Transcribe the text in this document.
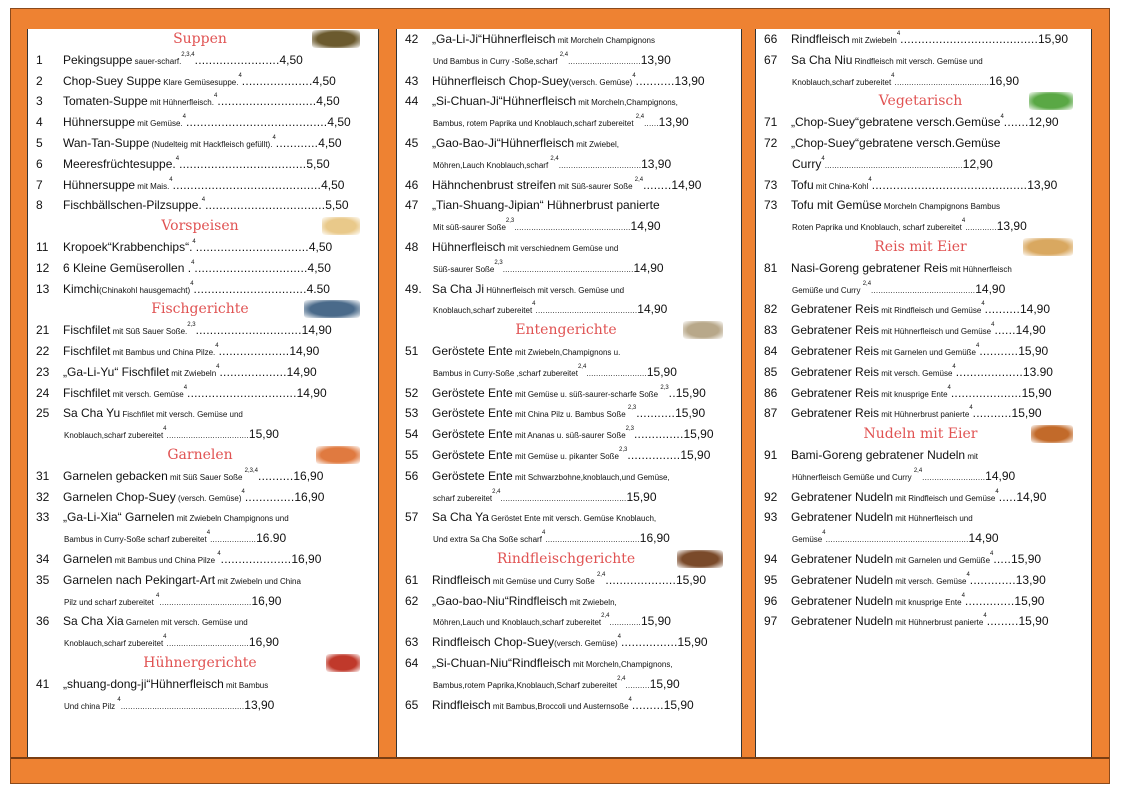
Suppen
1 Pekingsuppe sauer-scharf.$^{2,3,4}$........................4,50
2 Chop-Suey Suppe Klare Gemüsesuppe.$^4$....................4,50
3 Tomaten-Suppe mit Hühnerfleisch.$^4$............................4,50
4 Hühnersuppe mit Gemüse.$^4$........................................4,50
5 Wan-Tan-Suppe (Nudelteig mit Hackfleisch gefüllt).$^4$............4,50
6 Meeresfrüchtesuppe.$^4$....................................5,50
7 Hühnersuppe mit Mais.$^4$..........................................4,50
8 Fischbällschen-Pilzsuppe.$^4$..................................5,50
Vorspeisen
11 Kropoek“Krabbenchips“.$^4$................................4,50
12 6 Kleine Gemüserollen .$^4$................................4,50
13 Kimchi(Chinakohl hausgemacht)$^4$................................4.50
Fischgerichte
21 Fischfilet mit Süß Sauer Soße.$^{2,3}$..............................14,90
22 Fischfilet mit Bambus und China Pilze.$^4$....................14,90
23 „Ga-Li-Yu“ Fischfilet mit Zwiebeln$^4$...................14,90
24 Fischfilet mit versch. Gemüse$^4$...............................14,90
25 Sa Cha Yu Fischfilet mit versch. Gemüse und
Knoblauch,scharf zubereitet$^4$..................................15,90
Garnelen
31 Garnelen gebacken mit Süß Sauer Soße $^{2,3,4}$..........16,90
32 Garnelen Chop-Suey (versch. Gemüse)$^4$..............16,90
33 „Ga-Li-Xia“ Garnelen mit Zwiebeln Champignons und
Bambus in Curry-Soße scharf zubereitet$^4$...................16.90
34 Garnelen mit Bambus und China Pilze $^4$....................16,90
35 Garnelen nach Pekingart-Art mit Zwiebeln und China
Pilz und scharf zubereitet $^4$......................................16,90
36 Sa Cha Xia Garnelen mit versch. Gemüse und
Knoblauch,scharf zubereitet$^4$..................................16,90
Hühnergerichte
41 „shuang-dong-ji“Hühnerfleisch mit Bambus
Und china Pilz $^4$...................................................13,90
42 „Ga-Li-Ji“Hühnerfleisch mit Morcheln Champignons
Und Bambus in Curry -Soße,scharf $^{2,4}$..............................13,90
43 Hühnerfleisch Chop-Suey(versch. Gemüse)$^4$...........13,90
44 „Si-Chuan-Ji“Hühnerfleisch mit Morcheln,Champignons,
Bambus, rotem Paprika und Knoblauch,scharf zubereitet $^{2,4}$......13,90
45 „Gao-Bao-Ji“Hühnerfleisch mit Zwiebel,
Möhren,Lauch Knoblauch,scharf $^{2,4}$..................................13,90
46 Hähnchenbrust streifen mit Süß-saurer Soße $^{2,4}$........14,90
47 „Tian-Shuang-Jipian“ Hühnerbrust panierte
Mit süß-saurer Soße$^{2,3}$................................................14,90
48 Hühnerfleisch mit verschiednem Gemüse und
Süß-saurer Soße$^{2,3}$......................................................14,90
49. Sa Cha Ji Hühnerfleisch mit versch. Gemüse und
Knoblauch,scharf zubereitet$^4$..........................................14,90
Entengerichte
51 Geröstete Ente mit Zwiebeln,Champignons u.
Bambus in Curry-Soße ,scharf zubereitet$^{2,4}$.........................15,90
52 Geröstete Ente mit Gemüse u. süß-saurer-scharfe Soße $^{2,3}$..15,90
53 Geröstete Ente mit China Pilz u. Bambus Soße $^{2,3}$...........15,90
54 Geröstete Ente mit Ananas u. süß-saurer Soße$^{2,3}$..............15,90
55 Geröstete Ente mit Gemüse u. pikanter Soße$^{2,3}$...............15,90
56 Geröstete Ente mit Schwarzbohne,knoblauch,und Gemüse,
scharf zubereitet$^{2,4}$....................................................15,90
57 Sa Cha Ya Geröstet Ente mit versch. Gemüse Knoblauch,
Und extra Sa Cha Soße scharf$^4$.......................................16,90
Rindfleischgerichte
61 Rindfleisch mit Gemüse und Curry Soße $^{2,4}$....................15,90
62 „Gao-bao-Niu“Rindfleisch mit Zwiebeln,
Möhren,Lauch und Knoblauch,scharf zubereitet$^{2,4}$.............15,90
63 Rindfleisch Chop-Suey(versch. Gemüse)$^4$................15,90
64 „Si-Chuan-Niu“Rindfleisch mit Morcheln,Champignons,
Bambus,rotem Paprika,Knoblauch,Scharf zubereitet$^{2,4}$..........15,90
65 Rindfleisch mit Bambus,Broccoli und Austernsoße$^4$.........15,90
66 Rindfleisch mit Zwiebeln$^4$.......................................15,90
67 Sa Cha Niu Rindfleisch mit versch. Gemüse und
Knoblauch,scharf zubereitet$^4$.......................................16,90
Vegetarisch
71 „Chop-Suey“gebratene versch.Gemüse$^4$.......12,90
72 „Chop-Suey“gebratene versch.Gemüse
Curry$^4$.........................................................12,90
73 Tofu mit China-Kohl$^4$............................................13,90
73 Tofu mit Gemüse Morcheln Champignons Bambus
Roten Paprika und Knoblauch, scharf zubereitet$^4$.............13,90
Reis mit Eier
81 Nasi-Goreng gebratener Reis mit Hühnerfleisch
Gemüße und Curry $^{2,4}$...........................................14,90
82 Gebratener Reis mit Rindfleisch und Gemüse$^4$..........14,90
83 Gebratener Reis mit Hühnerfleisch und Gemüse$^4$......14,90
84 Gebratener Reis mit Garnelen und Gemüße$^4$...........15,90
85 Gebratener Reis mit versch. Gemüse$^4$...................13.90
86 Gebratener Reis mit knusprige Ente$^4$....................15,90
87 Gebratener Reis mit Hühnerbrust panierte$^4$...........15,90
Nudeln mit Eier
91 Bami-Goreng gebratener Nudeln mit
Hühnerfleisch Gemüße und Curry $^{2,4}$..........................14,90
92 Gebratener Nudeln mit Rindfleisch und Gemüse$^4$.....14,90
93 Gebratener Nudeln mit Hühnerfleisch und
Gemüse$^4$...........................................................14,90
94 Gebratener Nudeln mit Garnelen und Gemüße$^4$.....15,90
95 Gebratener Nudeln mit versch. Gemüse$^4$.............13,90
96 Gebratener Nudeln mit knusprige Ente$^4$..............15,90
97 Gebratener Nudeln mit Hühnerbrust panierte$^4$.........15,90
